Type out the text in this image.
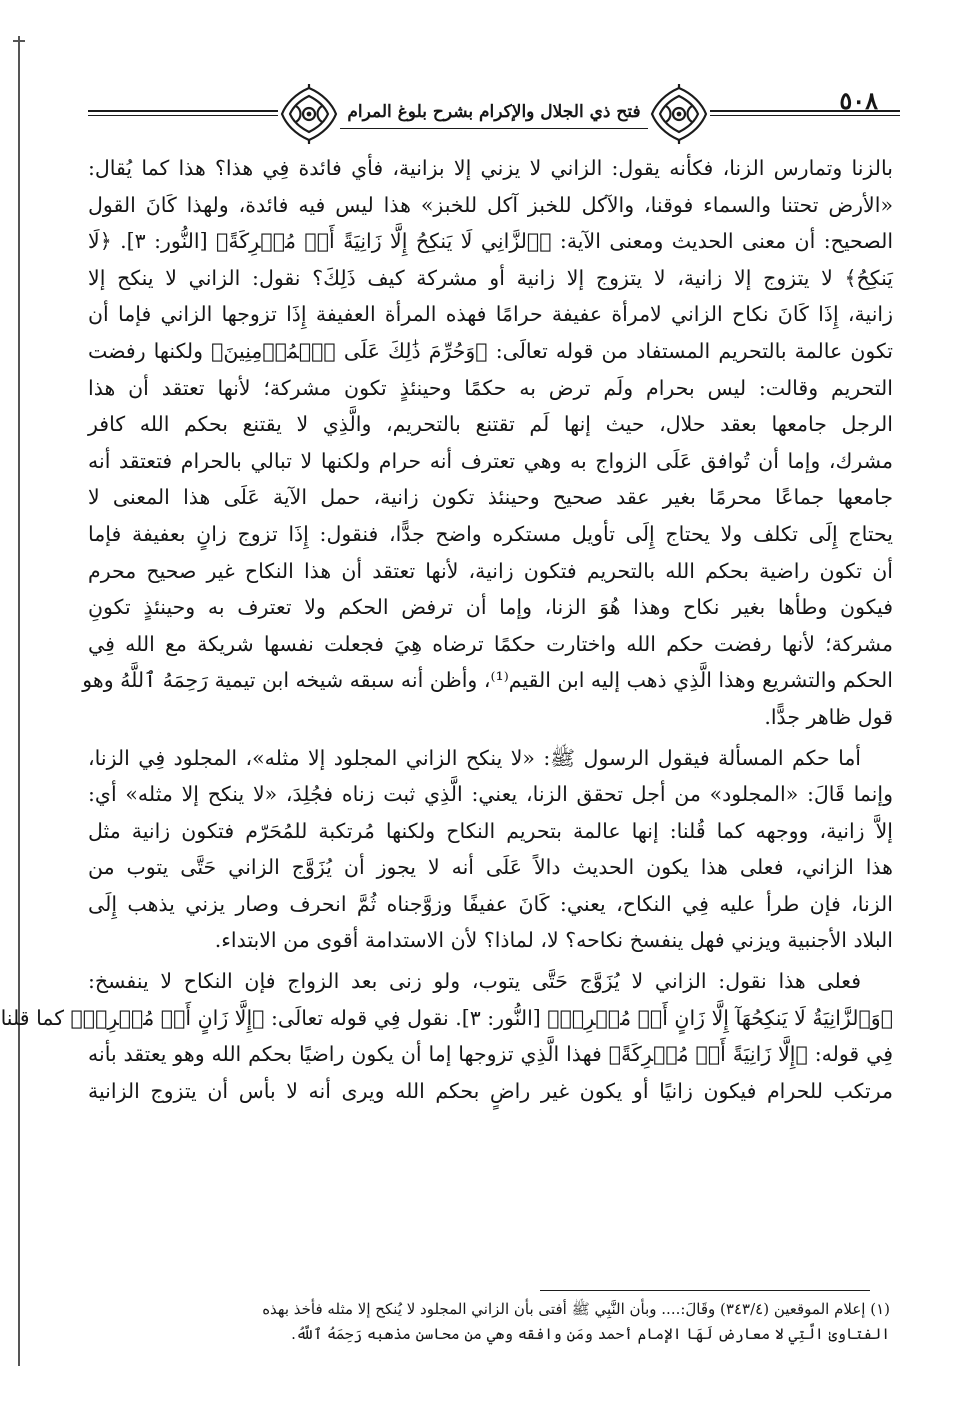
فتح ذي الجلال والإكرام بشرح بلوغ المرام	٥٠٨
بالزنا وتمارس الزنا، فكأنه يقول: الزاني لا يزني إلا بزانية، فأي فائدة فِي هذا؟ هذا كما يُقال:
«الأرض تحتنا والسماء فوقنا، والآكل للخبز آكل للخبز» هذا ليس فيه فائدة، ولهذا كَانَ القول
الصحيح: أن معنى الحديث ومعنى الآية: ﴿ٱلزَّانِي لَا يَنكِحُ إِلَّا زَانِيَةً أَوۡ مُشۡرِكَةً﴾ [النُّور: ٣]. ﴿لَا
يَنكِحُ﴾ لا يتزوج إلا زانية، لا يتزوج إلا زانية أو مشركة كيف ذَلِكَ؟ نقول: الزاني لا ينكح إلا
زانية، إِذَا كَانَ نكاح الزاني لامرأة عفيفة حرامًا فهذه المرأة العفيفة إِذَا تزوجها الزاني فإما أن
تكون عالمة بالتحريم المستفاد من قوله تعالَى: ﴿وَحُرِّمَ ذَٰلِكَ عَلَى ٱلۡمُؤۡمِنِينَ﴾ ولكنها رفضت
التحريم وقالت: ليس بحرام ولَم ترض به حكمًا وحينئذٍ تكون مشركة؛ لأنها تعتقد أن هذا
الرجل جامعها بعقد حلال، حيث إنها لَم تقتنع بالتحريم، والَّذِي لا يقتنع بحكم الله كافر
مشرك، وإما أن تُوافق عَلَى الزواج به وهي تعترف أنه حرام ولكنها لا تبالي بالحرام فتعتقد أنه
جامعها جماعًا محرمًا بغير عقد صحيح وحينئذ تكون زانية، حمل الآية عَلَى هذا المعنى لا
يحتاج إِلَى تكلف ولا يحتاج إِلَى تأويل مستكره واضح جدًّا، فنقول: إِذَا تزوج زانٍ بعفيفة فإما
أن تكون راضية بحكم الله بالتحريم فتكون زانية، لأنها تعتقد أن هذا النكاح غير صحيح محرم
فيكون وطأها بغير نكاح وهذا هُوَ الزنا، وإما أن ترفض الحكم ولا تعترف به وحينئذٍ تكونِ
مشركة؛ لأنها رفضت حكم الله واختارت حكمًا ترضاه هِيَ فجعلت نفسها شريكة مع الله فِي
الحكم والتشريع وهذا الَّذِي ذهب إليه ابن القيم⁽¹⁾، وأظن أنه سبقه شيخه ابن تيمية رَحِمَهُ ٱللَّهُ وهو
قول ظاهر جدًّا.
أما حكم المسألة فيقول الرسول ﷺ: «لا ينكح الزاني المجلود إلا مثله»، المجلود فِي الزنا،
وإنما قَالَ: «المجلود» من أجل تحقق الزنا، يعني: الَّذِي ثبت زناه فجُلِدَ، «لا ينكح إلا مثله» أي:
إلاَّ زانية، ووجهه كما قُلنا: إنها عالمة بتحريم النكاح ولكنها مُرتكبة للمُحَرّم فتكون زانية مثل
هذا الزاني، فعلى هذا يكون الحديث دالاً عَلَى أنه لا يجوز أن يُزَوَّج الزاني حَتَّى يتوب من
الزنا، فإن طرأ عليه فِي النكاح، يعني: كَانَ عفيفًا وزوَّجناه ثُمَّ انحرف وصار يزني يذهب إِلَى
البلاد الأجنبية ويزني فهل ينفسخ نكاحه؟ لا، لماذا؟ لأن الاستدامة أقوى من الابتداء.
فعلى هذا نقول: الزاني لا يُزَوَّج حَتَّى يتوب، ولو زنى بعد الزواج فإن النكاح لا ينفسخ:
﴿وَٱلزَّانِيَةُ لَا يَنكِحُهَآ إِلَّا زَانٍ أَوۡ مُشۡرِكٞ﴾ [النُّور: ٣]. نقول فِي قوله تعالَى: ﴿إِلَّا زَانٍ أَوۡ مُشۡرِكٞ﴾ كما قلنا
فِي قوله: ﴿إِلَّا زَانِيَةً أَوۡ مُشۡرِكَةً﴾ فهذا الَّذِي تزوجها إما أن يكون راضيًا بحكم الله وهو يعتقد بأنه
مرتكب للحرام فيكون زانيًا أو يكون غير راضٍ بحكم الله ويرى أنه لا بأس أن يتزوج الزانية
(١) إعلام الموقعين (٣٤٣/٤) وقَالَ:.... وبأن النَّبِي ﷺ أفتى بأن الزاني المجلود لا يُنكح إلا مثله فأخذ بهذه
الفتاوىٰ الَّتِي لا معارض لَهَا الإمام أحمد ومَن وافقه وهي من محاسن مذهبه رَحِمَهُ ٱللَّهُ.
